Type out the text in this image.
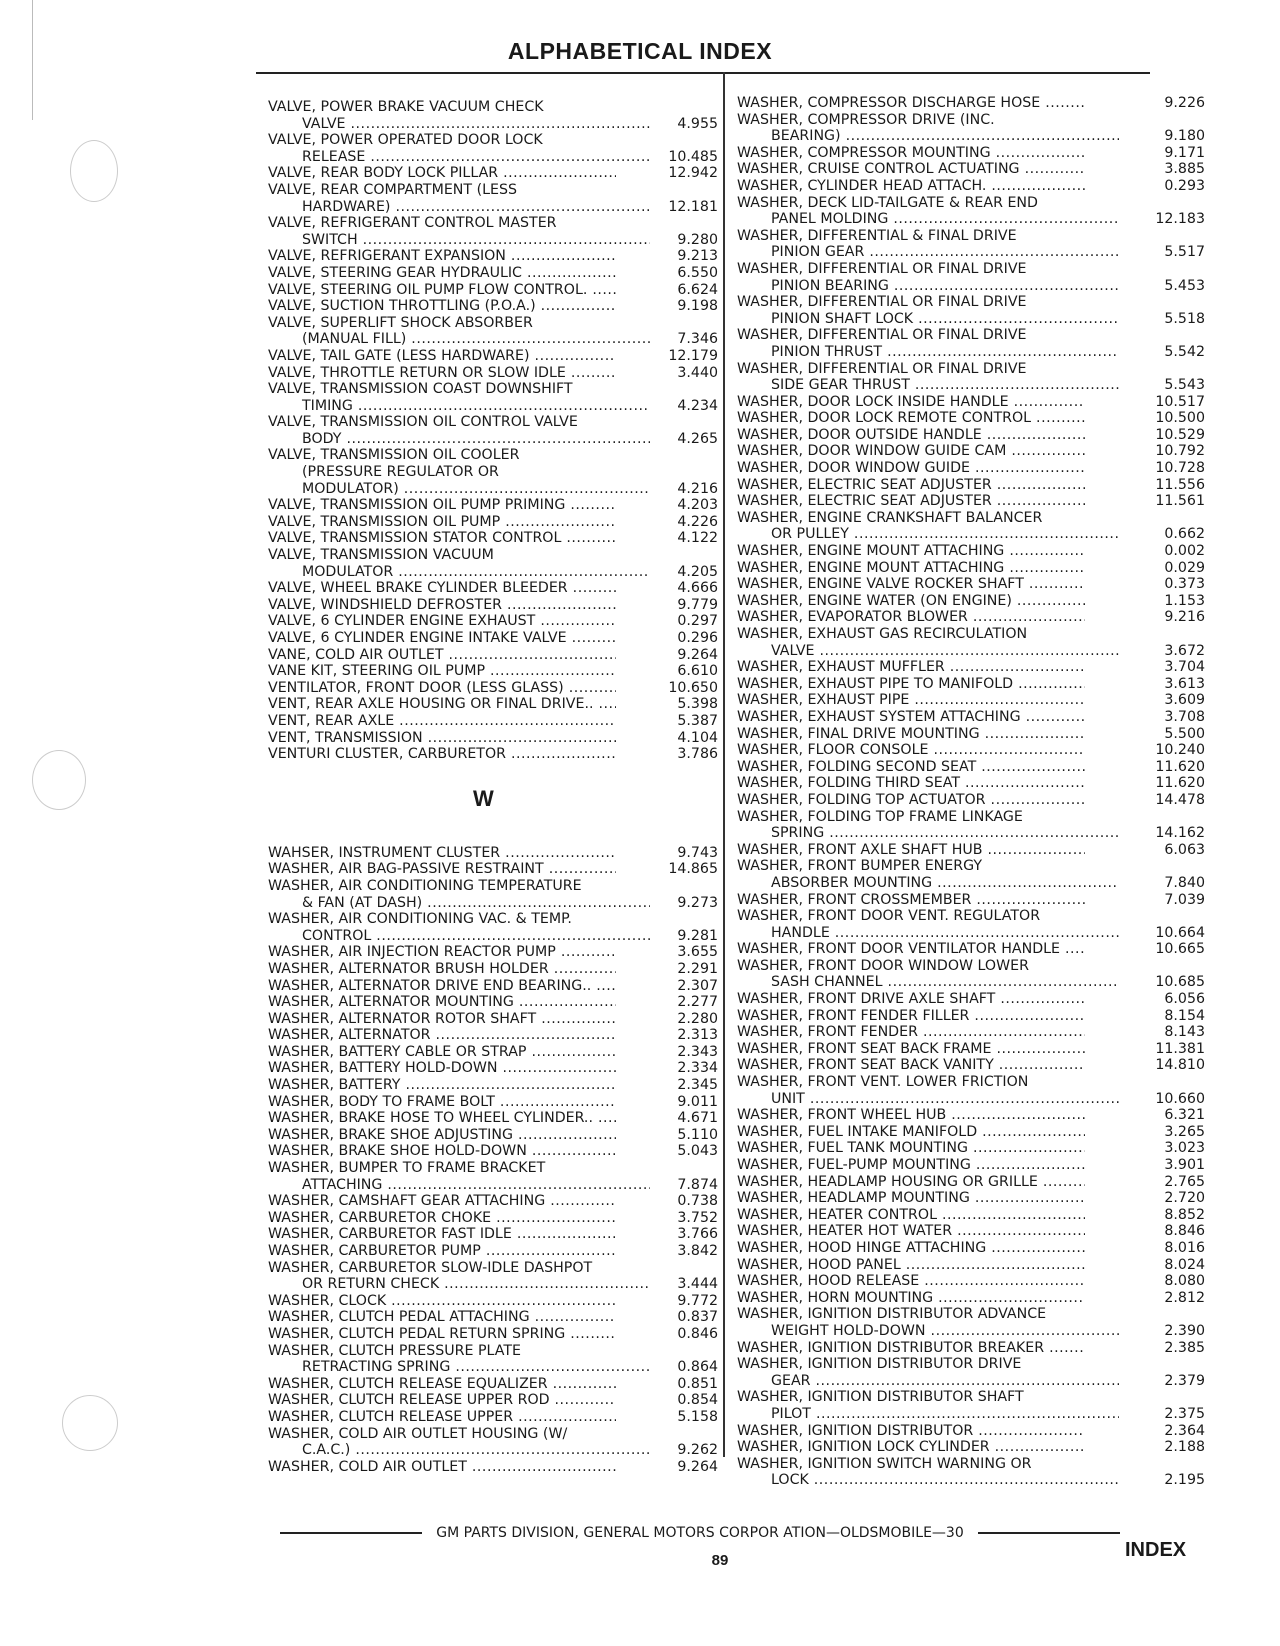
ALPHABETICAL INDEX
VALVE, POWER BRAKE VACUUM CHECK
VALVE .....	4.955
VALVE, POWER OPERATED DOOR LOCK
RELEASE .....	10.485
VALVE, REAR BODY LOCK PILLAR .....	12.942
VALVE, REAR COMPARTMENT (LESS
HARDWARE) .....	12.181
VALVE, REFRIGERANT CONTROL MASTER
SWITCH .....	9.280
VALVE, REFRIGERANT EXPANSION .....	9.213
VALVE, STEERING GEAR HYDRAULIC .....	6.550
VALVE, STEERING OIL PUMP FLOW CONTROL. .....	6.624
VALVE, SUCTION THROTTLING (P.O.A.) .....	9.198
VALVE, SUPERLIFT SHOCK ABSORBER
(MANUAL FILL) .....	7.346
VALVE, TAIL GATE (LESS HARDWARE) .....	12.179
VALVE, THROTTLE RETURN OR SLOW IDLE .....	3.440
VALVE, TRANSMISSION COAST DOWNSHIFT
TIMING .....	4.234
VALVE, TRANSMISSION OIL CONTROL VALVE
BODY .....	4.265
VALVE, TRANSMISSION OIL COOLER
(PRESSURE REGULATOR OR
MODULATOR) .....	4.216
VALVE, TRANSMISSION OIL PUMP PRIMING .....	4.203
VALVE, TRANSMISSION OIL PUMP .....	4.226
VALVE, TRANSMISSION STATOR CONTROL .....	4.122
VALVE, TRANSMISSION VACUUM
MODULATOR .....	4.205
VALVE, WHEEL BRAKE CYLINDER BLEEDER .....	4.666
VALVE, WINDSHIELD DEFROSTER .....	9.779
VALVE, 6 CYLINDER ENGINE EXHAUST .....	0.297
VALVE, 6 CYLINDER ENGINE INTAKE VALVE .....	0.296
VANE, COLD AIR OUTLET .....	9.264
VANE KIT, STEERING OIL PUMP .....	6.610
VENTILATOR, FRONT DOOR (LESS GLASS) .....	10.650
VENT, REAR AXLE HOUSING OR FINAL DRIVE.. .....	5.398
VENT, REAR AXLE .....	5.387
VENT, TRANSMISSION .....	4.104
VENTURI CLUSTER, CARBURETOR .....	3.786
W
WAHSER, INSTRUMENT CLUSTER .....	9.743
WASHER, AIR BAG-PASSIVE RESTRAINT .....	14.865
WASHER, AIR CONDITIONING TEMPERATURE
& FAN (AT DASH) .....	9.273
WASHER, AIR CONDITIONING VAC. & TEMP.
CONTROL .....	9.281
WASHER, AIR INJECTION REACTOR PUMP .....	3.655
WASHER, ALTERNATOR BRUSH HOLDER .....	2.291
WASHER, ALTERNATOR DRIVE END BEARING.. .....	2.307
WASHER, ALTERNATOR MOUNTING .....	2.277
WASHER, ALTERNATOR ROTOR SHAFT .....	2.280
WASHER, ALTERNATOR .....	2.313
WASHER, BATTERY CABLE OR STRAP .....	2.343
WASHER, BATTERY HOLD-DOWN .....	2.334
WASHER, BATTERY .....	2.345
WASHER, BODY TO FRAME BOLT .....	9.011
WASHER, BRAKE HOSE TO WHEEL CYLINDER.. .....	4.671
WASHER, BRAKE SHOE ADJUSTING .....	5.110
WASHER, BRAKE SHOE HOLD-DOWN .....	5.043
WASHER, BUMPER TO FRAME BRACKET
ATTACHING .....	7.874
WASHER, CAMSHAFT GEAR ATTACHING .....	0.738
WASHER, CARBURETOR CHOKE .....	3.752
WASHER, CARBURETOR FAST IDLE .....	3.766
WASHER, CARBURETOR PUMP .....	3.842
WASHER, CARBURETOR SLOW-IDLE DASHPOT
OR RETURN CHECK .....	3.444
WASHER, CLOCK .....	9.772
WASHER, CLUTCH PEDAL ATTACHING .....	0.837
WASHER, CLUTCH PEDAL RETURN SPRING .....	0.846
WASHER, CLUTCH PRESSURE PLATE
RETRACTING SPRING .....	0.864
WASHER, CLUTCH RELEASE EQUALIZER .....	0.851
WASHER, CLUTCH RELEASE UPPER ROD .....	0.854
WASHER, CLUTCH RELEASE UPPER .....	5.158
WASHER, COLD AIR OUTLET HOUSING (W/
C.A.C.) .....	9.262
WASHER, COLD AIR OUTLET .....	9.264
WASHER, COMPRESSOR DISCHARGE HOSE .....	9.226
WASHER, COMPRESSOR DRIVE (INC.
BEARING) .....	9.180
WASHER, COMPRESSOR MOUNTING .....	9.171
WASHER, CRUISE CONTROL ACTUATING .....	3.885
WASHER, CYLINDER HEAD ATTACH. .....	0.293
WASHER, DECK LID-TAILGATE & REAR END
PANEL MOLDING .....	12.183
WASHER, DIFFERENTIAL & FINAL DRIVE
PINION GEAR .....	5.517
WASHER, DIFFERENTIAL OR FINAL DRIVE
PINION BEARING .....	5.453
WASHER, DIFFERENTIAL OR FINAL DRIVE
PINION SHAFT LOCK .....	5.518
WASHER, DIFFERENTIAL OR FINAL DRIVE
PINION THRUST .....	5.542
WASHER, DIFFERENTIAL OR FINAL DRIVE
SIDE GEAR THRUST .....	5.543
WASHER, DOOR LOCK INSIDE HANDLE .....	10.517
WASHER, DOOR LOCK REMOTE CONTROL .....	10.500
WASHER, DOOR OUTSIDE HANDLE .....	10.529
WASHER, DOOR WINDOW GUIDE CAM .....	10.792
WASHER, DOOR WINDOW GUIDE .....	10.728
WASHER, ELECTRIC SEAT ADJUSTER .....	11.556
WASHER, ELECTRIC SEAT ADJUSTER .....	11.561
WASHER, ENGINE CRANKSHAFT BALANCER
OR PULLEY .....	0.662
WASHER, ENGINE MOUNT ATTACHING .....	0.002
WASHER, ENGINE MOUNT ATTACHING .....	0.029
WASHER, ENGINE VALVE ROCKER SHAFT .....	0.373
WASHER, ENGINE WATER (ON ENGINE) .....	1.153
WASHER, EVAPORATOR BLOWER .....	9.216
WASHER, EXHAUST GAS RECIRCULATION
VALVE .....	3.672
WASHER, EXHAUST MUFFLER .....	3.704
WASHER, EXHAUST PIPE TO MANIFOLD .....	3.613
WASHER, EXHAUST PIPE .....	3.609
WASHER, EXHAUST SYSTEM ATTACHING .....	3.708
WASHER, FINAL DRIVE MOUNTING .....	5.500
WASHER, FLOOR CONSOLE .....	10.240
WASHER, FOLDING SECOND SEAT .....	11.620
WASHER, FOLDING THIRD SEAT .....	11.620
WASHER, FOLDING TOP ACTUATOR .....	14.478
WASHER, FOLDING TOP FRAME LINKAGE
SPRING .....	14.162
WASHER, FRONT AXLE SHAFT HUB .....	6.063
WASHER, FRONT BUMPER ENERGY
ABSORBER MOUNTING .....	7.840
WASHER, FRONT CROSSMEMBER .....	7.039
WASHER, FRONT DOOR VENT. REGULATOR
HANDLE .....	10.664
WASHER, FRONT DOOR VENTILATOR HANDLE .....	10.665
WASHER, FRONT DOOR WINDOW LOWER
SASH CHANNEL .....	10.685
WASHER, FRONT DRIVE AXLE SHAFT .....	6.056
WASHER, FRONT FENDER FILLER .....	8.154
WASHER, FRONT FENDER .....	8.143
WASHER, FRONT SEAT BACK FRAME .....	11.381
WASHER, FRONT SEAT BACK VANITY .....	14.810
WASHER, FRONT VENT. LOWER FRICTION
UNIT .....	10.660
WASHER, FRONT WHEEL HUB .....	6.321
WASHER, FUEL INTAKE MANIFOLD .....	3.265
WASHER, FUEL TANK MOUNTING .....	3.023
WASHER, FUEL-PUMP MOUNTING .....	3.901
WASHER, HEADLAMP HOUSING OR GRILLE .....	2.765
WASHER, HEADLAMP MOUNTING .....	2.720
WASHER, HEATER CONTROL .....	8.852
WASHER, HEATER HOT WATER .....	8.846
WASHER, HOOD HINGE ATTACHING .....	8.016
WASHER, HOOD PANEL .....	8.024
WASHER, HOOD RELEASE .....	8.080
WASHER, HORN MOUNTING .....	2.812
WASHER, IGNITION DISTRIBUTOR ADVANCE
WEIGHT HOLD-DOWN .....	2.390
WASHER, IGNITION DISTRIBUTOR BREAKER .....	2.385
WASHER, IGNITION DISTRIBUTOR DRIVE
GEAR .....	2.379
WASHER, IGNITION DISTRIBUTOR SHAFT
PILOT .....	2.375
WASHER, IGNITION DISTRIBUTOR .....	2.364
WASHER, IGNITION LOCK CYLINDER .....	2.188
WASHER, IGNITION SWITCH WARNING OR
LOCK .....	2.195
GM PARTS DIVISION, GENERAL MOTORS CORPOR ATION—OLDSMOBILE—30
89	INDEX
